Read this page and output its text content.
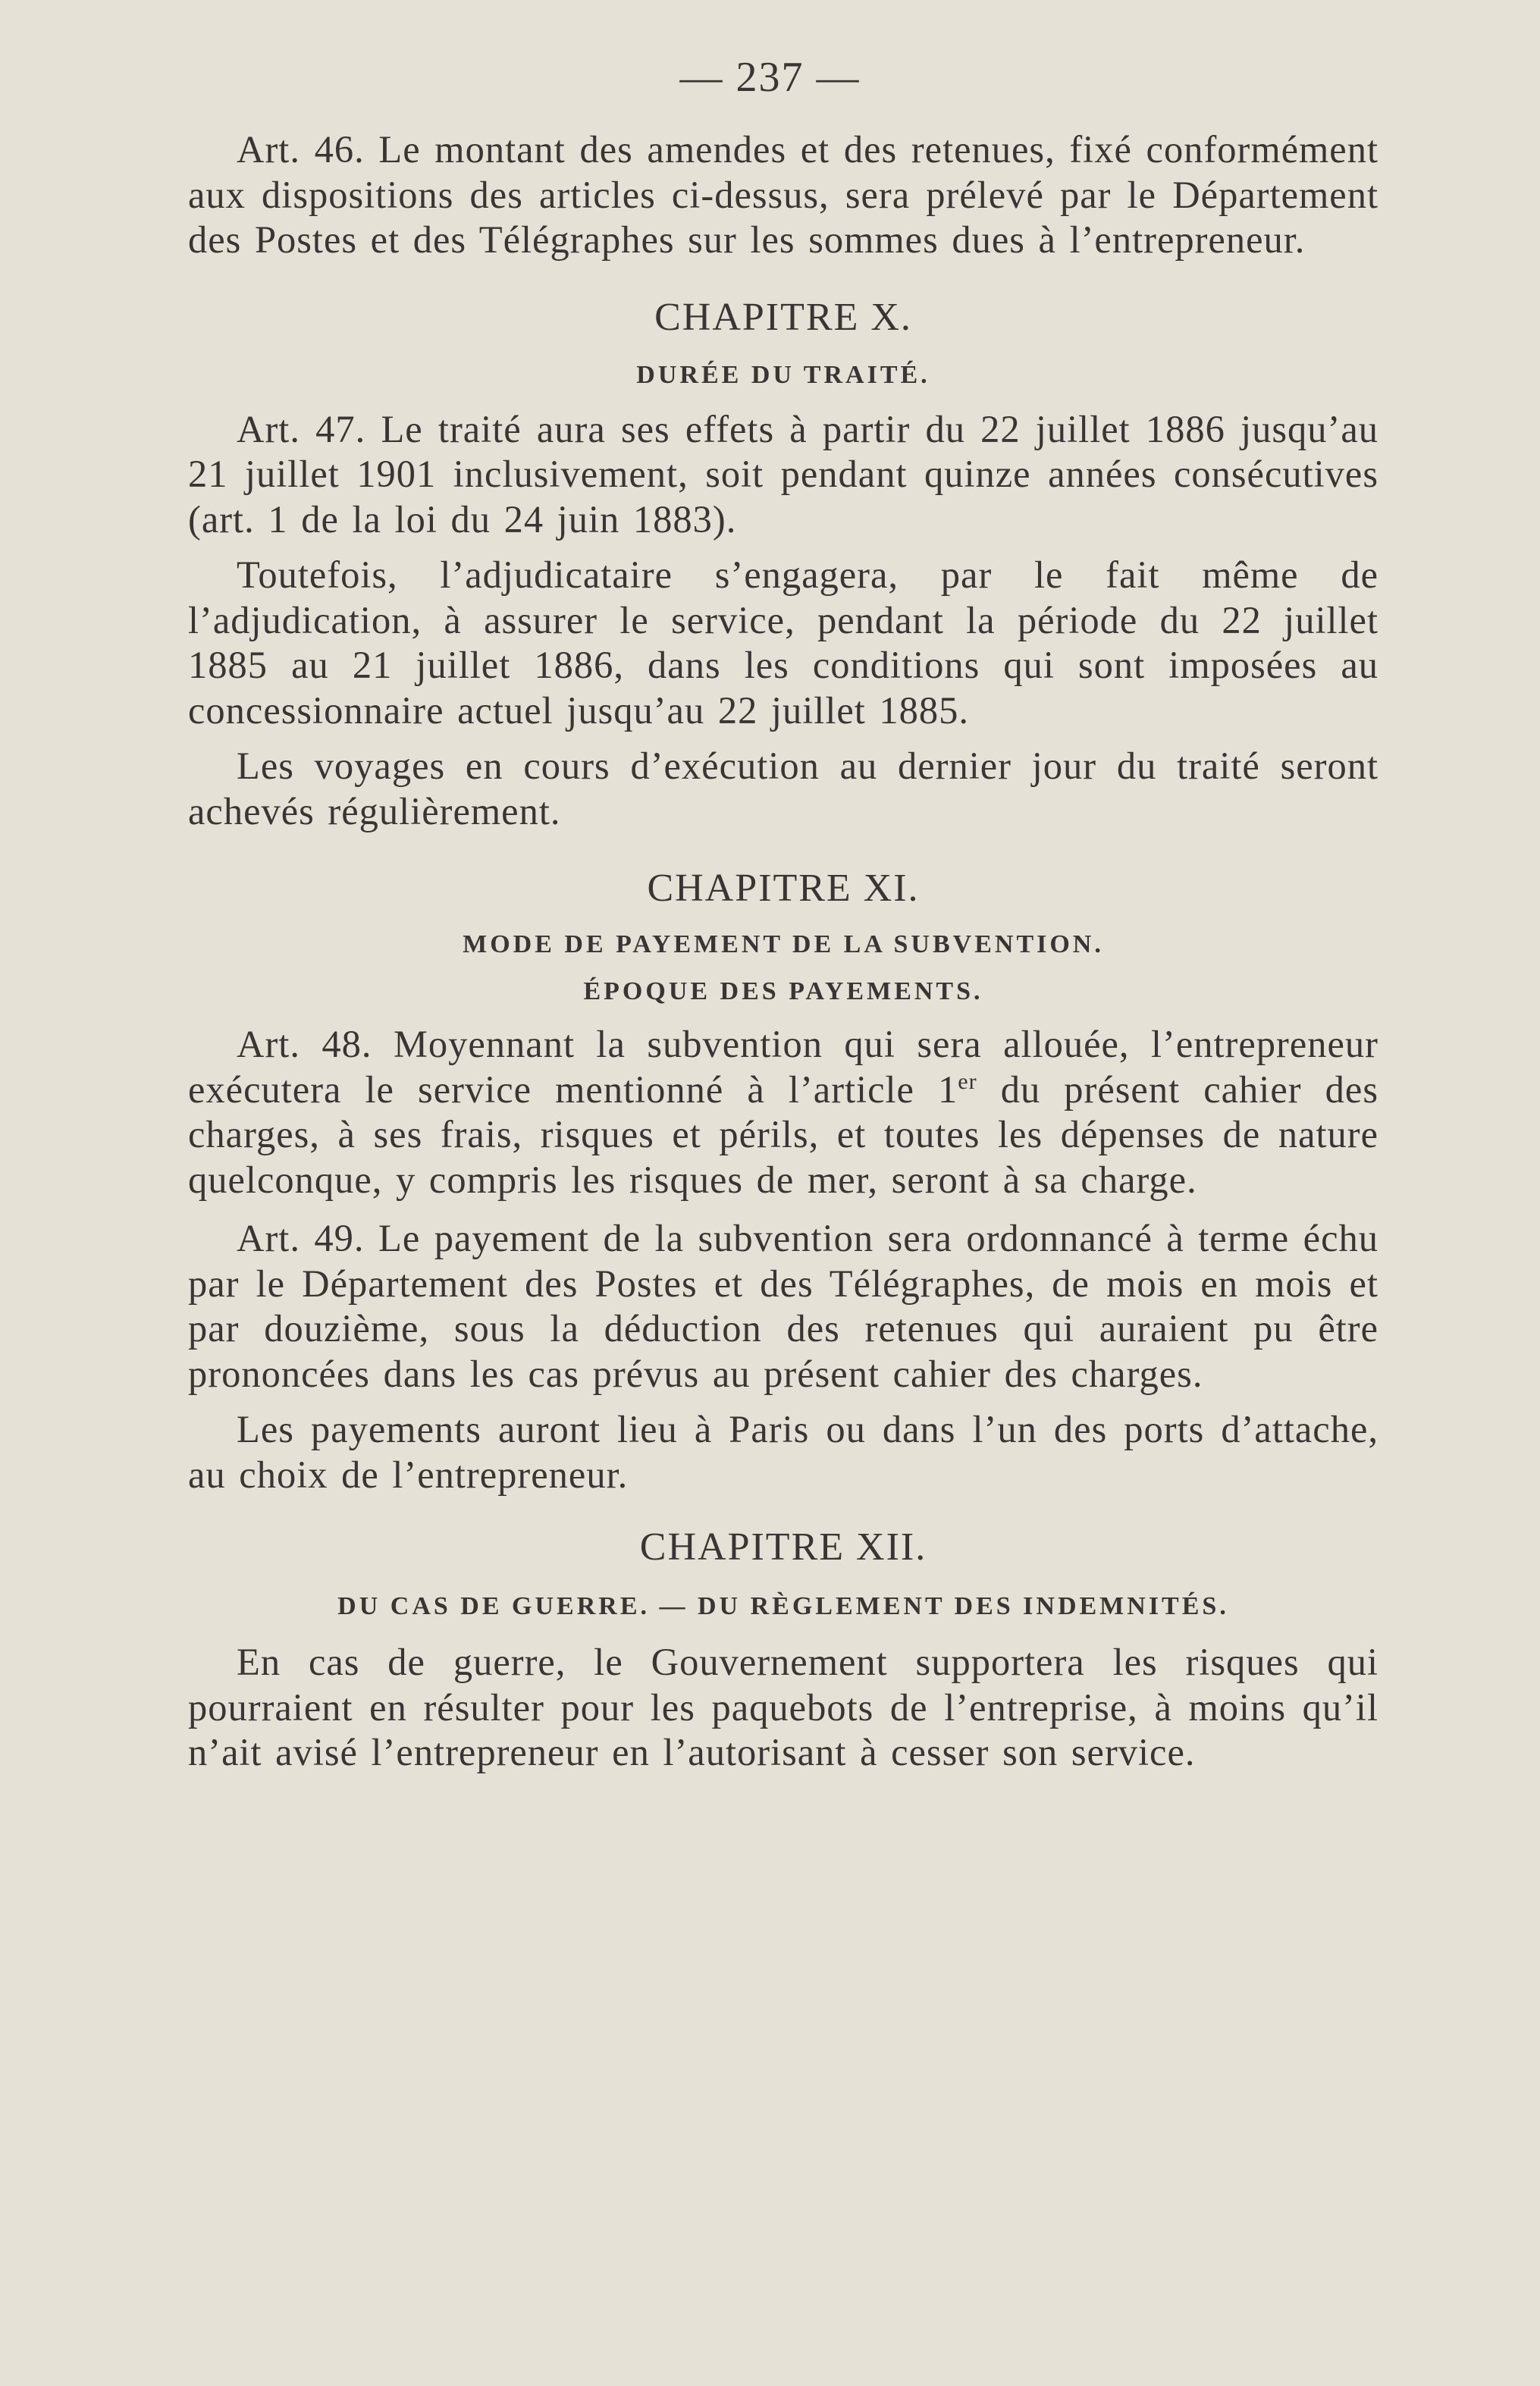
— 237 —

Art. 46. Le montant des amendes et des retenues, fixé conformément aux dispositions des articles ci-dessus, sera prélevé par le Département des Postes et des Télégraphes sur les sommes dues à l’entrepreneur.

CHAPITRE X.
DURÉE DU TRAITÉ.

Art. 47. Le traité aura ses effets à partir du 22 juillet 1886 jusqu’au 21 juillet 1901 inclusivement, soit pendant quinze années consécutives (art. 1 de la loi du 24 juin 1883).

Toutefois, l’adjudicataire s’engagera, par le fait même de l’adjudication, à assurer le service, pendant la période du 22 juillet 1885 au 21 juillet 1886, dans les conditions qui sont imposées au concessionnaire actuel jusqu’au 22 juillet 1885.

Les voyages en cours d’exécution au dernier jour du traité seront achevés régulièrement.

CHAPITRE XI.
MODE DE PAYEMENT DE LA SUBVENTION.
ÉPOQUE DES PAYEMENTS.

Art. 48. Moyennant la subvention qui sera allouée, l’entrepreneur exécutera le service mentionné à l’article 1er du présent cahier des charges, à ses frais, risques et périls, et toutes les dépenses de nature quelconque, y compris les risques de mer, seront à sa charge.

Art. 49. Le payement de la subvention sera ordonnancé à terme échu par le Département des Postes et des Télégraphes, de mois en mois et par douzième, sous la déduction des retenues qui auraient pu être prononcées dans les cas prévus au présent cahier des charges.

Les payements auront lieu à Paris ou dans l’un des ports d’attache, au choix de l’entrepreneur.

CHAPITRE XII.
DU CAS DE GUERRE. — DU RÈGLEMENT DES INDEMNITÉS.

En cas de guerre, le Gouvernement supportera les risques qui pourraient en résulter pour les paquebots de l’entreprise, à moins qu’il n’ait avisé l’entrepreneur en l’autorisant à cesser son service.
